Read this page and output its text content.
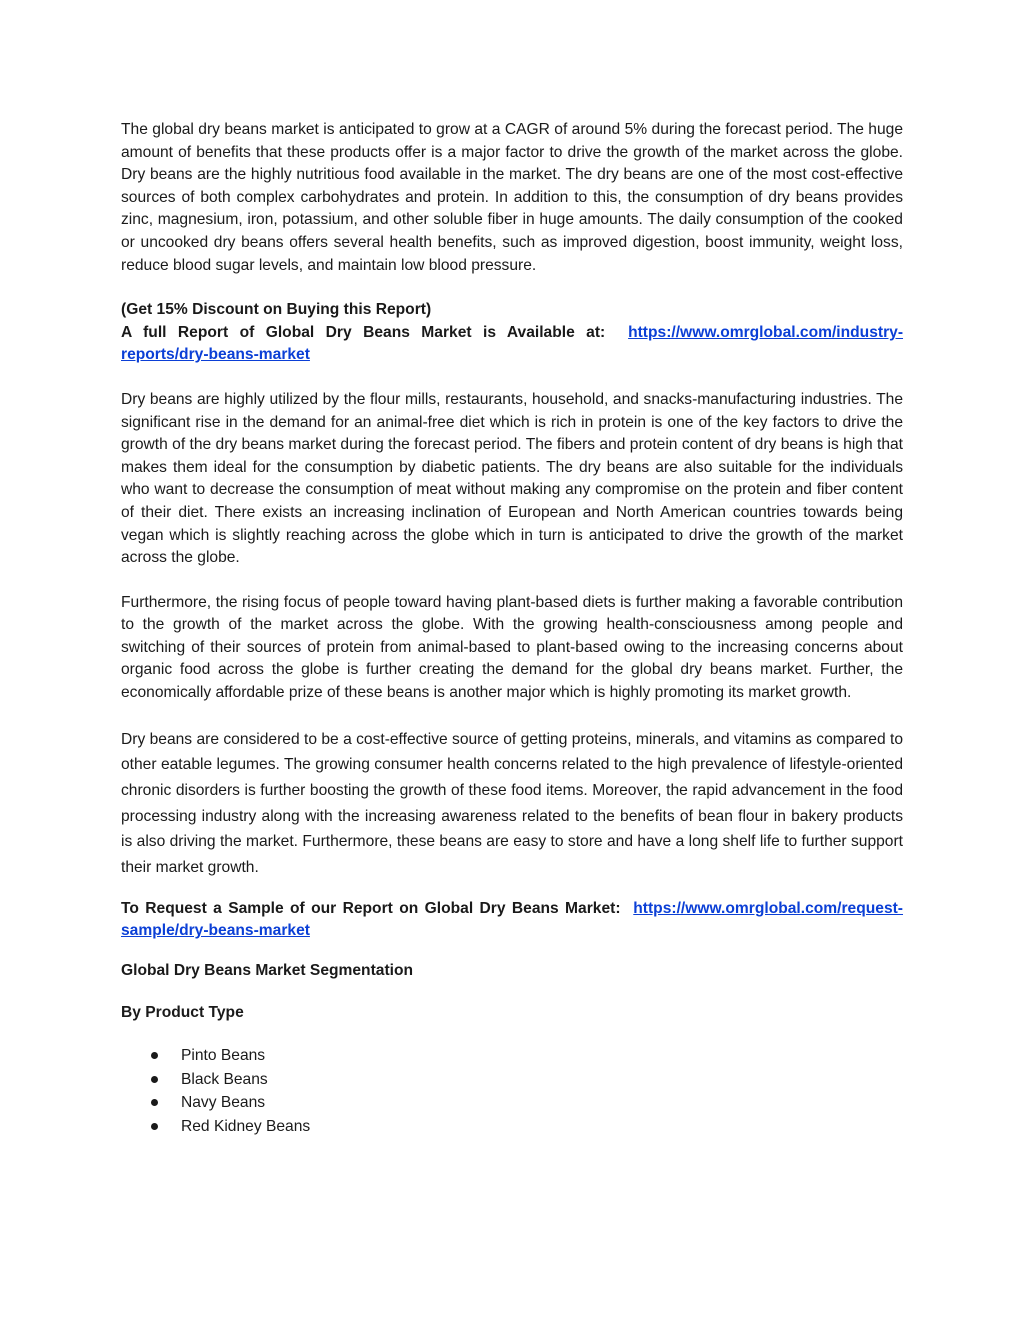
The global dry beans market is anticipated to grow at a CAGR of around 5% during the forecast period. The huge amount of benefits that these products offer is a major factor to drive the growth of the market across the globe. Dry beans are the highly nutritious food available in the market. The dry beans are one of the most cost-effective sources of both complex carbohydrates and protein. In addition to this, the consumption of dry beans provides zinc, magnesium, iron, potassium, and other soluble fiber in huge amounts. The daily consumption of the cooked or uncooked dry beans offers several health benefits, such as improved digestion, boost immunity, weight loss, reduce blood sugar levels, and maintain low blood pressure.

(Get 15% Discount on Buying this Report)
A full Report of Global Dry Beans Market is Available at: https://www.omrglobal.com/industry-reports/dry-beans-market

Dry beans are highly utilized by the flour mills, restaurants, household, and snacks-manufacturing industries. The significant rise in the demand for an animal-free diet which is rich in protein is one of the key factors to drive the growth of the dry beans market during the forecast period. The fibers and protein content of dry beans is high that makes them ideal for the consumption by diabetic patients. The dry beans are also suitable for the individuals who want to decrease the consumption of meat without making any compromise on the protein and fiber content of their diet. There exists an increasing inclination of European and North American countries towards being vegan which is slightly reaching across the globe which in turn is anticipated to drive the growth of the market across the globe.

Furthermore, the rising focus of people toward having plant-based diets is further making a favorable contribution to the growth of the market across the globe. With the growing health-consciousness among people and switching of their sources of protein from animal-based to plant-based owing to the increasing concerns about organic food across the globe is further creating the demand for the global dry beans market. Further, the economically affordable prize of these beans is another major which is highly promoting its market growth.

Dry beans are considered to be a cost-effective source of getting proteins, minerals, and vitamins as compared to other eatable legumes. The growing consumer health concerns related to the high prevalence of lifestyle-oriented chronic disorders is further boosting the growth of these food items. Moreover, the rapid advancement in the food processing industry along with the increasing awareness related to the benefits of bean flour in bakery products is also driving the market. Furthermore, these beans are easy to store and have a long shelf life to further support their market growth.

To Request a Sample of our Report on Global Dry Beans Market: https://www.omrglobal.com/request-sample/dry-beans-market

Global Dry Beans Market Segmentation
By Product Type
Pinto Beans
Black Beans
Navy Beans
Red Kidney Beans
